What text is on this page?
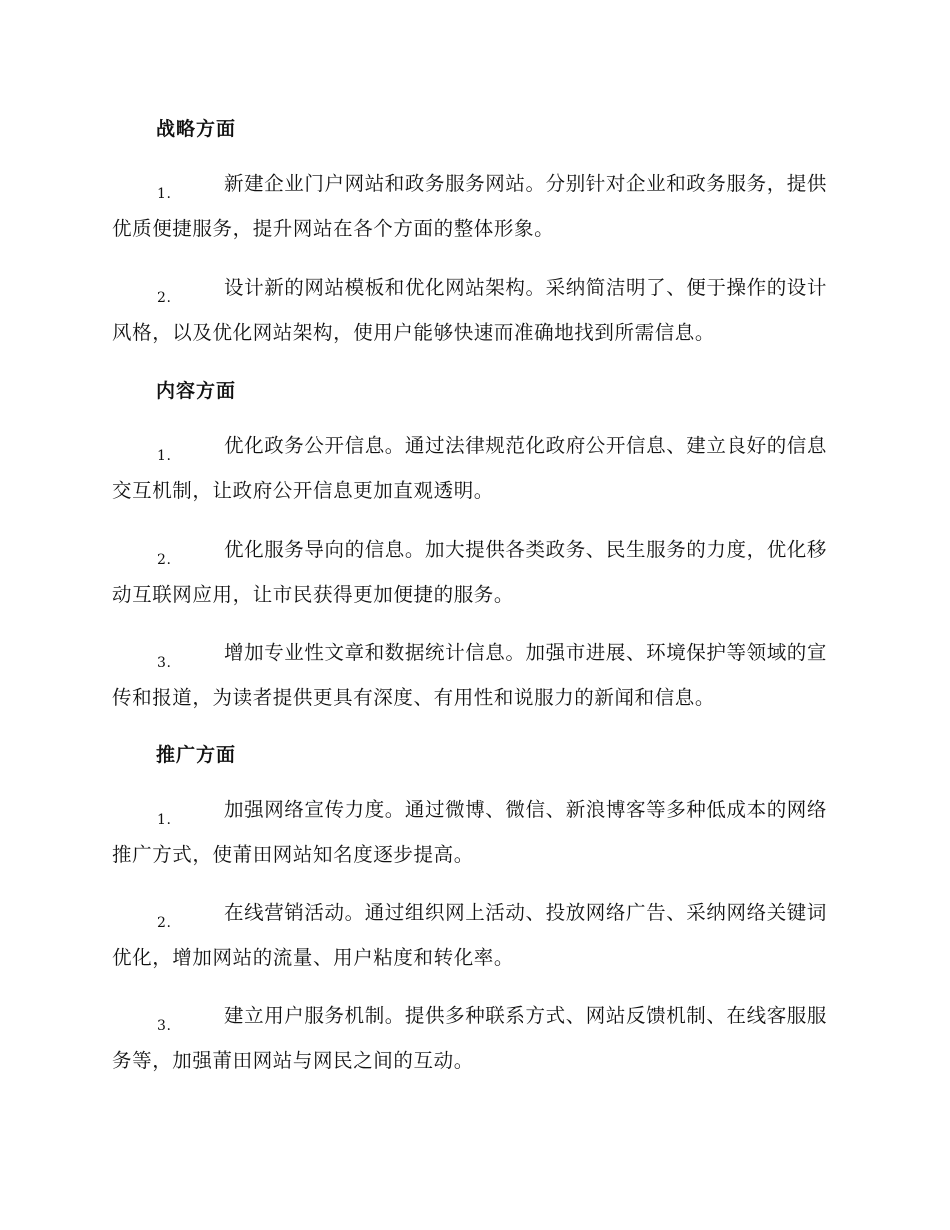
战略方面
1.	新建企业门户网站和政务服务网站。分别针对企业和政务服务，提供优质便捷服务，提升网站在各个方面的整体形象。
2.	设计新的网站模板和优化网站架构。采纳简洁明了、便于操作的设计风格，以及优化网站架构，使用户能够快速而准确地找到所需信息。
内容方面
1.	优化政务公开信息。通过法律规范化政府公开信息、建立良好的信息交互机制，让政府公开信息更加直观透明。
2.	优化服务导向的信息。加大提供各类政务、民生服务的力度，优化移动互联网应用，让市民获得更加便捷的服务。
3.	增加专业性文章和数据统计信息。加强市进展、环境保护等领域的宣传和报道，为读者提供更具有深度、有用性和说服力的新闻和信息。
推广方面
1.	加强网络宣传力度。通过微博、微信、新浪博客等多种低成本的网络推广方式，使莆田网站知名度逐步提高。
2.	在线营销活动。通过组织网上活动、投放网络广告、采纳网络关键词优化，增加网站的流量、用户粘度和转化率。
3.	建立用户服务机制。提供多种联系方式、网站反馈机制、在线客服服务等，加强莆田网站与网民之间的互动。
